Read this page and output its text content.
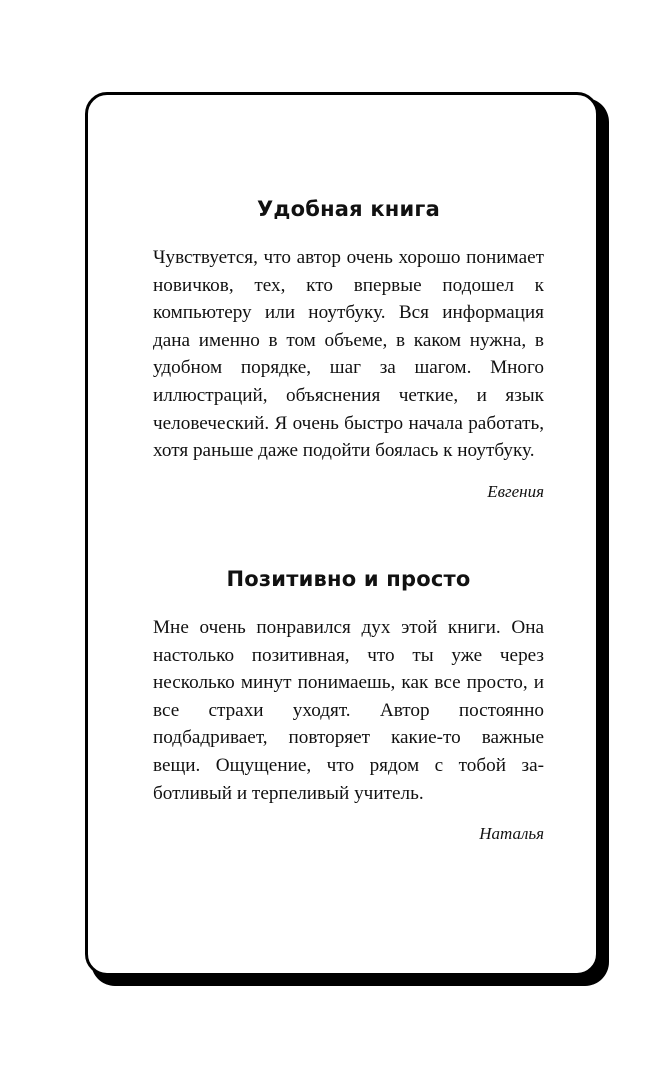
Удобная книга

Чувствуется, что автор очень хорошо понимает новичков, тех, кто впервые подошел к компьютеру или ноутбуку. Вся информация дана именно в том объеме, в каком нужна, в удобном порядке, шаг за шагом. Много иллюстраций, объяснения четкие, и язык человеческий. Я очень быстро начала работать, хотя раньше даже подойти боялась к ноутбуку.

Евгения
Позитивно и просто

Мне очень понравился дух этой книги. Она настолько позитивная, что ты уже через несколько минут понимаешь, как все просто, и все страхи уходят. Автор постоянно подбадривает, повторяет какие-то важные вещи. Ощущение, что рядом с тобой заботливый и терпеливый учитель.

Наталья
